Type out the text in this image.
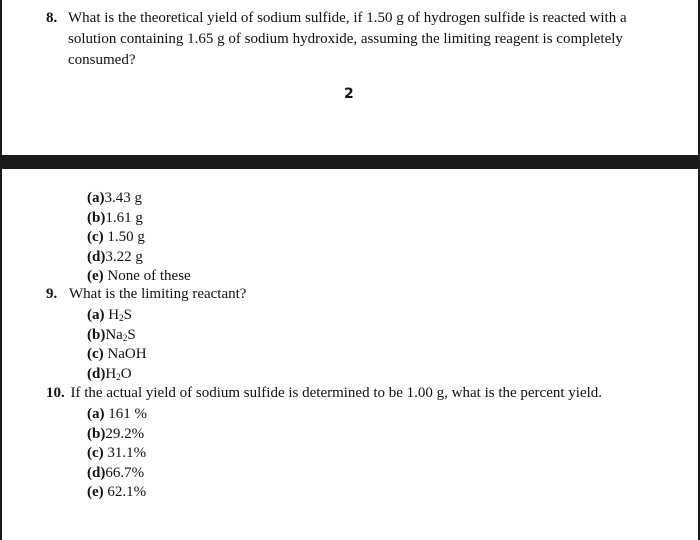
8. What is the theoretical yield of sodium sulfide, if 1.50 g of hydrogen sulfide is reacted with a solution containing 1.65 g of sodium hydroxide, assuming the limiting reagent is completely consumed?
2
(a)3.43 g
(b)1.61 g
(c) 1.50 g
(d)3.22 g
(e) None of these
9. What is the limiting reactant?
(a) $H_2S$
$(b)Na_2S$
(c) NaOH
$(d)H_2O$
10. If the actual yield of sodium sulfide is determined to be 1.00 g, what is the percent yield.
(a) 161 %
(b)29.2%
(c) 31.1%
(d)66.7%
(e) 62.1%
